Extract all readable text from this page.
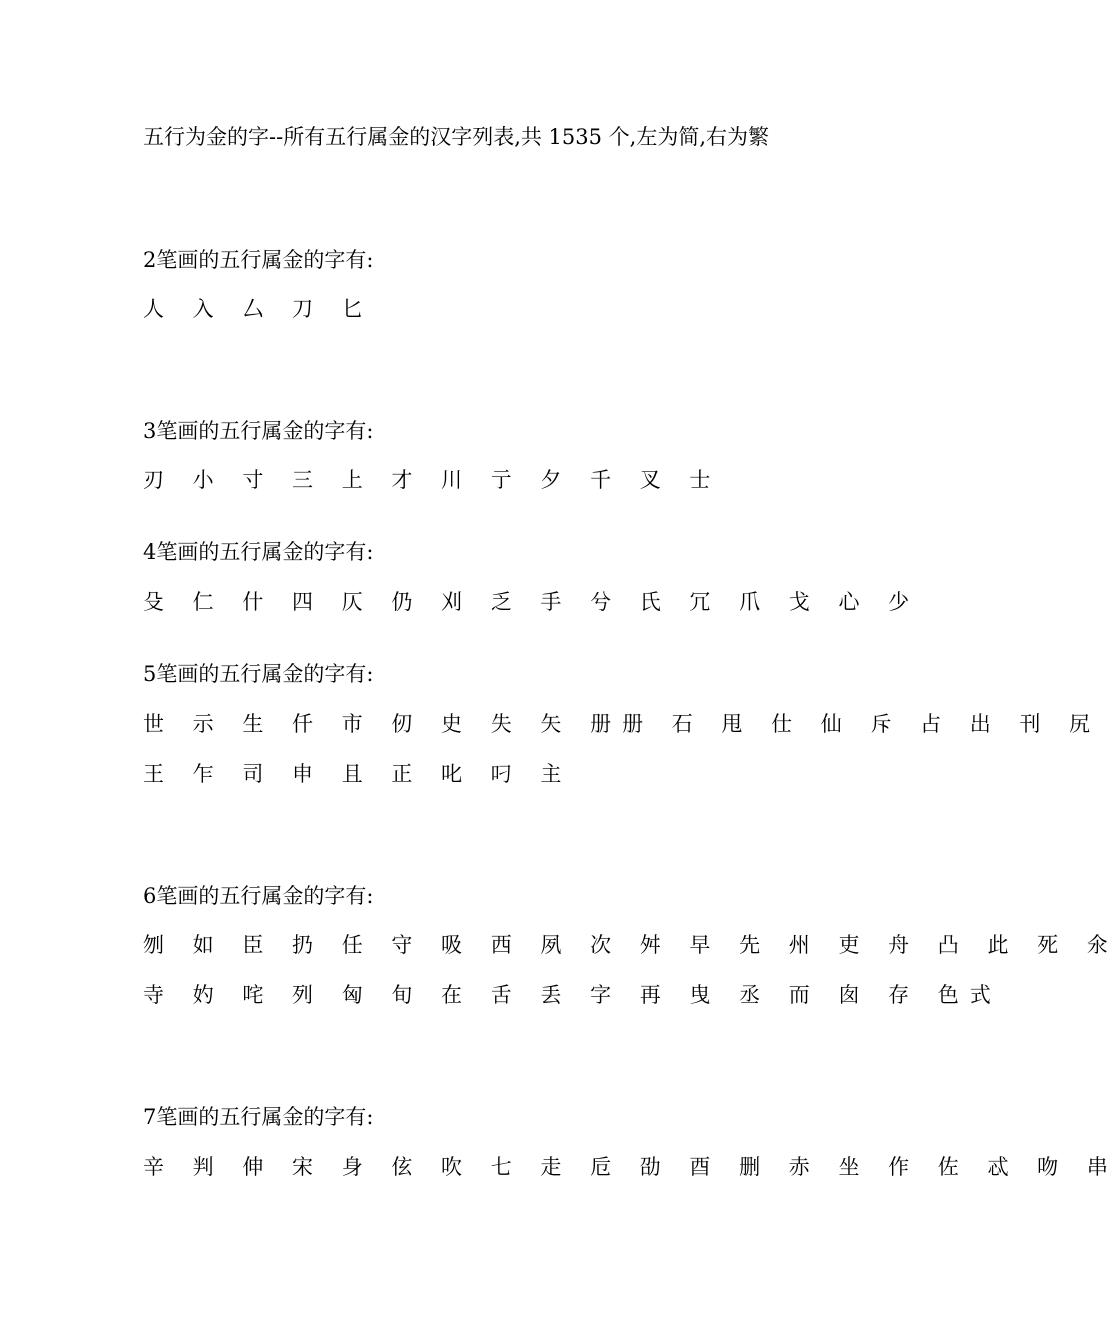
五行为金的字--所有五行属金的汉字列表,共 1535 个,左为简,右为繁
2笔画的五行属金的字有:
人 入 厶 刀 匕
3笔画的五行属金的字有:
刃 小 寸 三 上 才 川 亍 夕 千 叉 士
4笔画的五行属金的字有:
殳 仁 什 四 仄 仍 刈 乏 手 兮 氏 冗 爪 戈 心 少
5笔画的五行属金的字有:
世 示 生 仟 市 仞 史 失 矢 册册 石 甩 仕 仙 斥 占 出 刊 尻
王 乍 司 申 且 正 叱 叼 主
6笔画的五行属金的字有:
刎 如 臣 扔 任 守 吸 西 夙 次 舛 早 先 州 吏 舟 凸 此 死 氽
寺 妁 咤 列 匈 旬 在 舌 丢 字 再 曳 丞 而 囱 存 色式
7笔画的五行属金的字有:
辛 判 伸 宋 身 伭 吹 七 走 卮 劭 酉 删 赤 坐 作 佐 忒 吻 串
